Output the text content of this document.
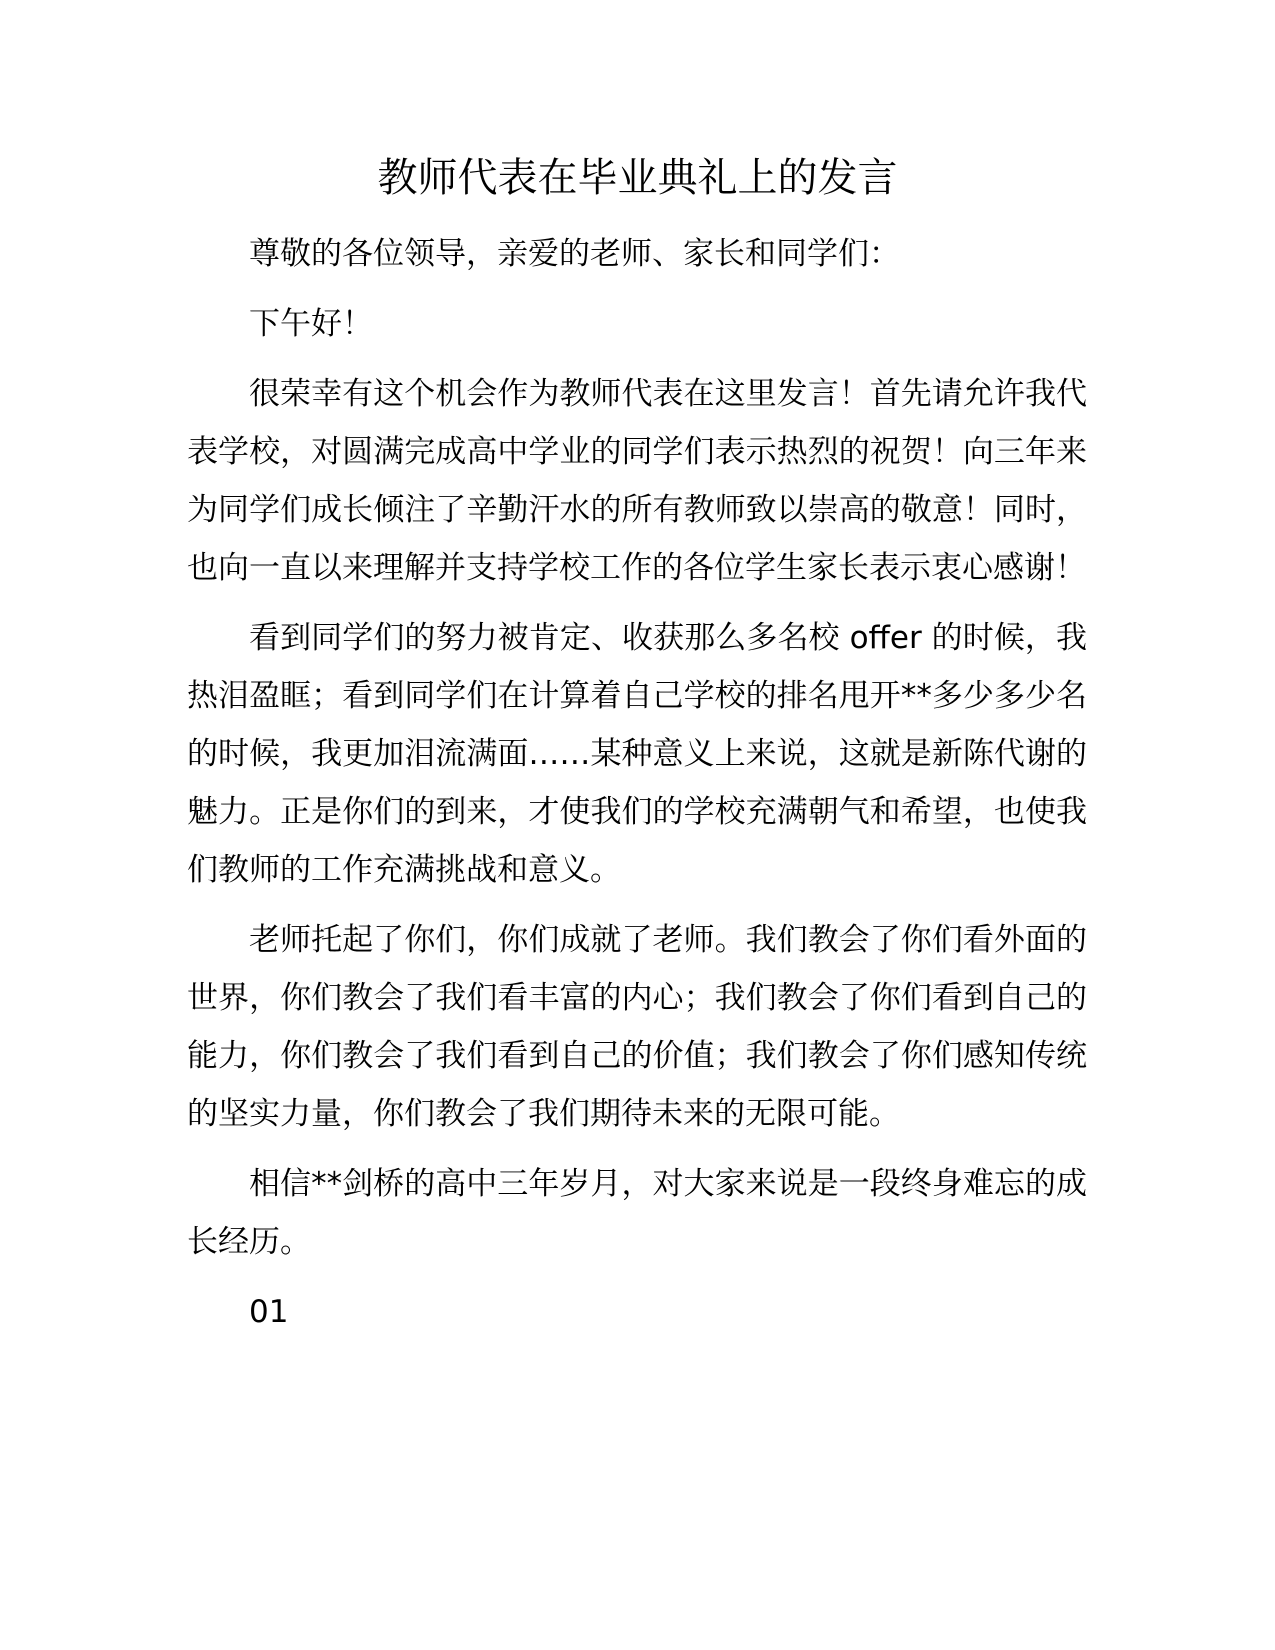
教师代表在毕业典礼上的发言

尊敬的各位领导，亲爱的老师、家长和同学们：

下午好！

很荣幸有这个机会作为教师代表在这里发言！首先请允许我代表学校，对圆满完成高中学业的同学们表示热烈的祝贺！向三年来为同学们成长倾注了辛勤汗水的所有教师致以崇高的敬意！同时，也向一直以来理解并支持学校工作的各位学生家长表示衷心感谢！

看到同学们的努力被肯定、收获那么多名校 offer 的时候，我热泪盈眶；看到同学们在计算着自己学校的排名甩开**多少多少名的时候，我更加泪流满面……某种意义上来说，这就是新陈代谢的魅力。正是你们的到来，才使我们的学校充满朝气和希望，也使我们教师的工作充满挑战和意义。

老师托起了你们，你们成就了老师。我们教会了你们看外面的世界，你们教会了我们看丰富的内心；我们教会了你们看到自己的能力，你们教会了我们看到自己的价值；我们教会了你们感知传统的坚实力量，你们教会了我们期待未来的无限可能。

相信**剑桥的高中三年岁月，对大家来说是一段终身难忘的成长经历。

01
